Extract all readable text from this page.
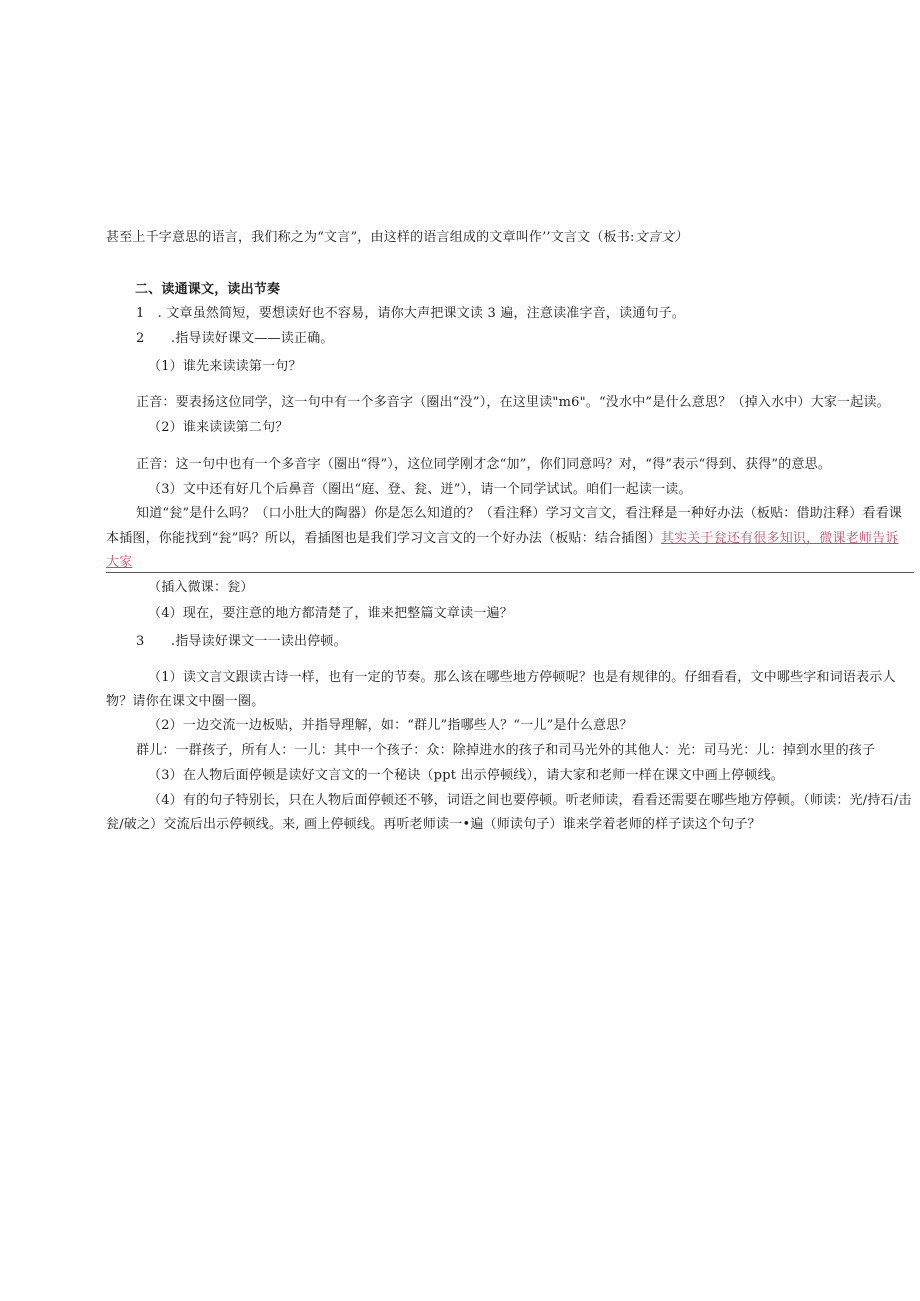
甚至上千字意思的语言，我们称之为“文言”，由这样的语言组成的文章叫作’’文言文（板书:文言文）
二、读通课文，读出节奏
1　. 文章虽然简短，要想读好也不容易，请你大声把课文读 3 遍，注意读准字音，读通句子。
2　　.指导读好课文——读正确。
（1）谁先来读读第一句？
正音：要表扬这位同学，这一句中有一个多音字（圈出“没”），在这里读"m6"。“没水中”是什么意思？（掉入水中）大家一起读。
（2）谁来读读第二句？
正音：这一句中也有一个多音字（圈出“得”），这位同学刚才念“加”，你们同意吗？对，“得”表示“得到、获得”的意思。
（3）文中还有好几个后鼻音（圈出“庭、登、瓮、迸”），请一个同学试试。咱们一起读一读。
知道“瓮”是什么吗？（口小肚大的陶器）你是怎么知道的？（看注释）学习文言文，看注释是一种好办法（板贴：借助注释）看看课
本插图，你能找到“瓮”吗？所以，看插图也是我们学习文言文的一个好办法（板贴：结合插图）其实关于瓮还有很多知识，微课老师告诉
大家
（插入微课：瓮）
（4）现在，要注意的地方都清楚了，谁来把整篇文章读一遍？
3　　.指导读好课文一一读出停顿。
（1）读文言文跟读古诗一样，也有一定的节奏。那么该在哪些地方停顿呢？也是有规律的。仔细看看，文中哪些字和词语表示人
物？请你在课文中圈一圈。
（2）一边交流一边板贴，并指导理解，如：“群儿”指哪些人？“一儿”是什么意思？
群儿：一群孩子，所有人：一儿：其中一个孩子：众：除掉进水的孩子和司马光外的其他人：光：司马光：儿：掉到水里的孩子
（3）在人物后面停顿是读好文言文的一个秘诀（ppt 出示停顿线），请大家和老师一样在课文中画上停顿线。
（4）有的句子特别长，只在人物后面停顿还不够，词语之间也要停顿。听老师读，看看还需要在哪些地方停顿。（师读：光/持石/击
瓮/破之）交流后出示停顿线。来, 画上停顿线。再听老师读一•遍（师读句子）谁来学着老师的样子读这个句子？
